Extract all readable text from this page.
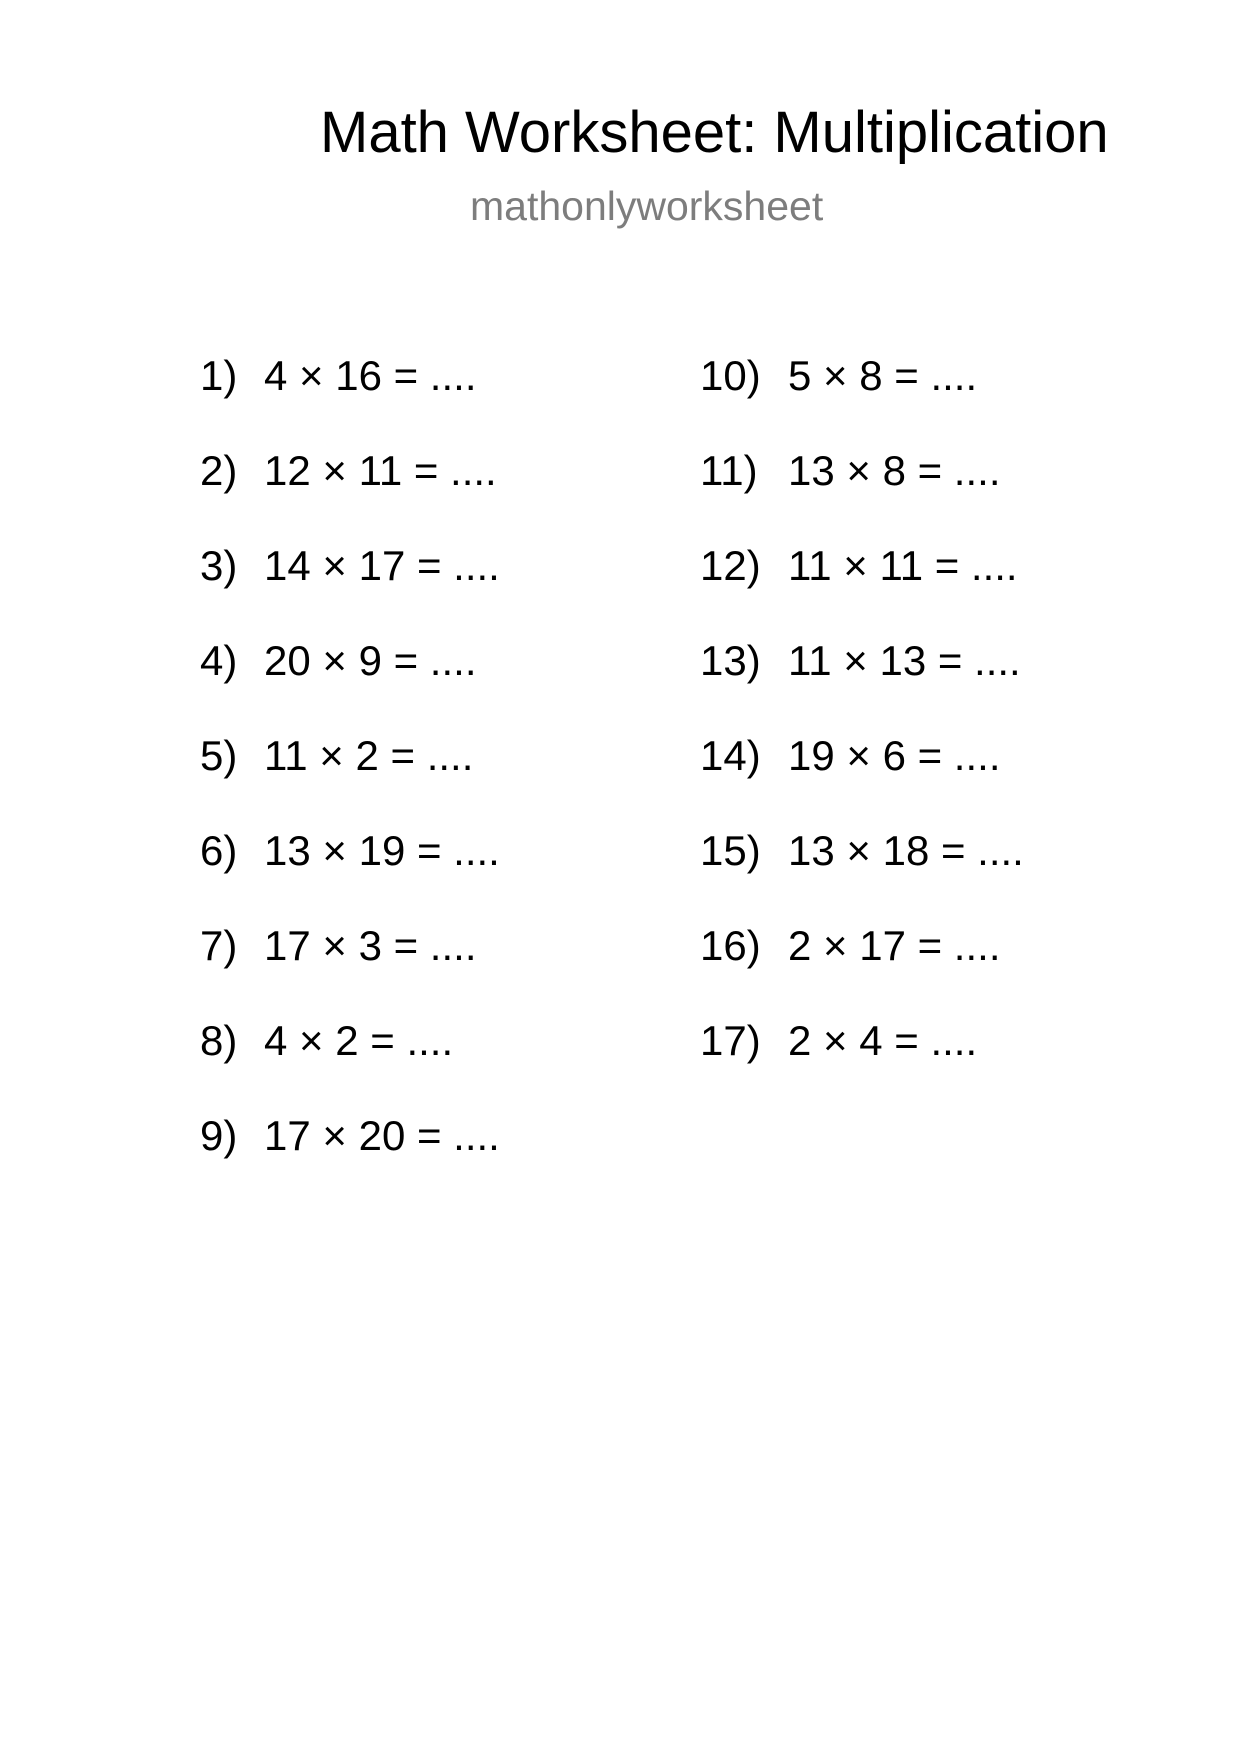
Math Worksheet: Multiplication
mathonlyworksheet
1) 4 × 16 = ....
2) 12 × 11 = ....
3) 14 × 17 = ....
4) 20 × 9 = ....
5) 11 × 2 = ....
6) 13 × 19 = ....
7) 17 × 3 = ....
8) 4 × 2 = ....
9) 17 × 20 = ....
10) 5 × 8 = ....
11) 13 × 8 = ....
12) 11 × 11 = ....
13) 11 × 13 = ....
14) 19 × 6 = ....
15) 13 × 18 = ....
16) 2 × 17 = ....
17) 2 × 4 = ....
